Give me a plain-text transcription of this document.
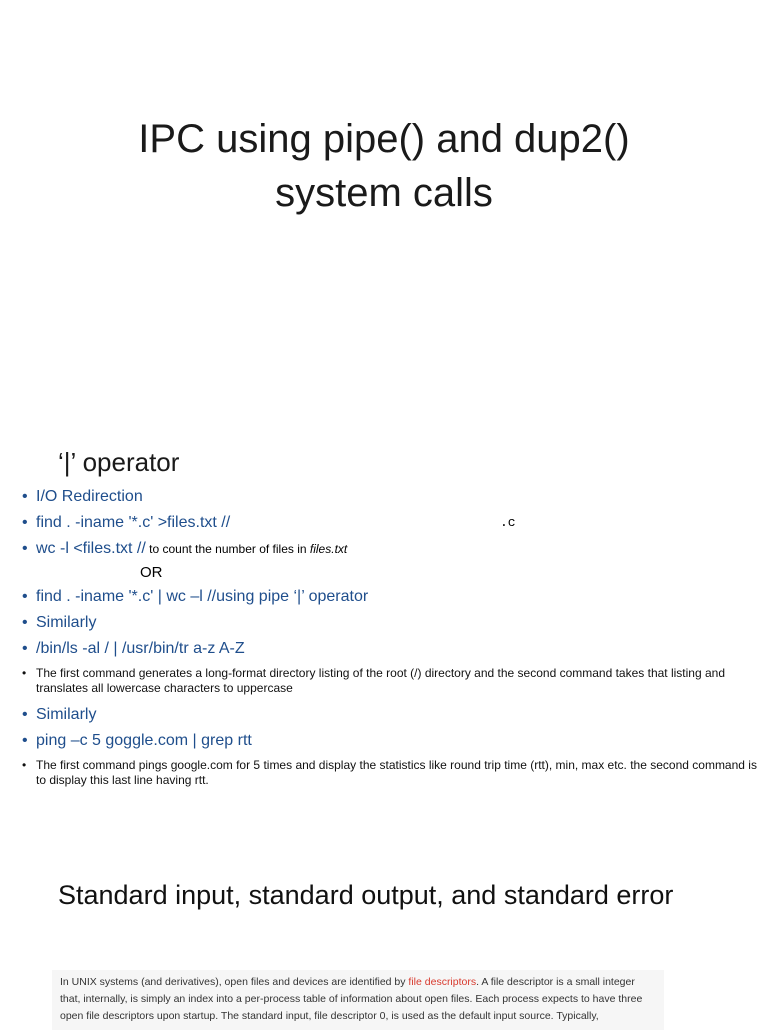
IPC using pipe() and dup2()
system calls
‘|’ operator
• I/O Redirection
• find . -iname '*.c' >files.txt //	.c
• wc -l <files.txt // to count the number of files in files.txt
OR
• find . -iname '*.c' | wc –l //using pipe ‘|’ operator
• Similarly
• /bin/ls -al / | /usr/bin/tr a-z A-Z
• The first command generates a long-format directory listing of the root (/) directory and the second command takes that listing and translates all lowercase characters to uppercase
• Similarly
• ping –c 5 goggle.com | grep rtt
• The first command pings google.com for 5 times and display the statistics like round trip time (rtt), min, max etc. the second command is to display this last line having rtt.
Standard input, standard output, and standard error
In UNIX systems (and derivatives), open files and devices are identified by file descriptors. A file descriptor is a small integer that, internally, is simply an index into a per-process table of information about open files. Each process expects to have three open file descriptors upon startup. The standard input, file descriptor 0, is used as the default input source. Typically,
